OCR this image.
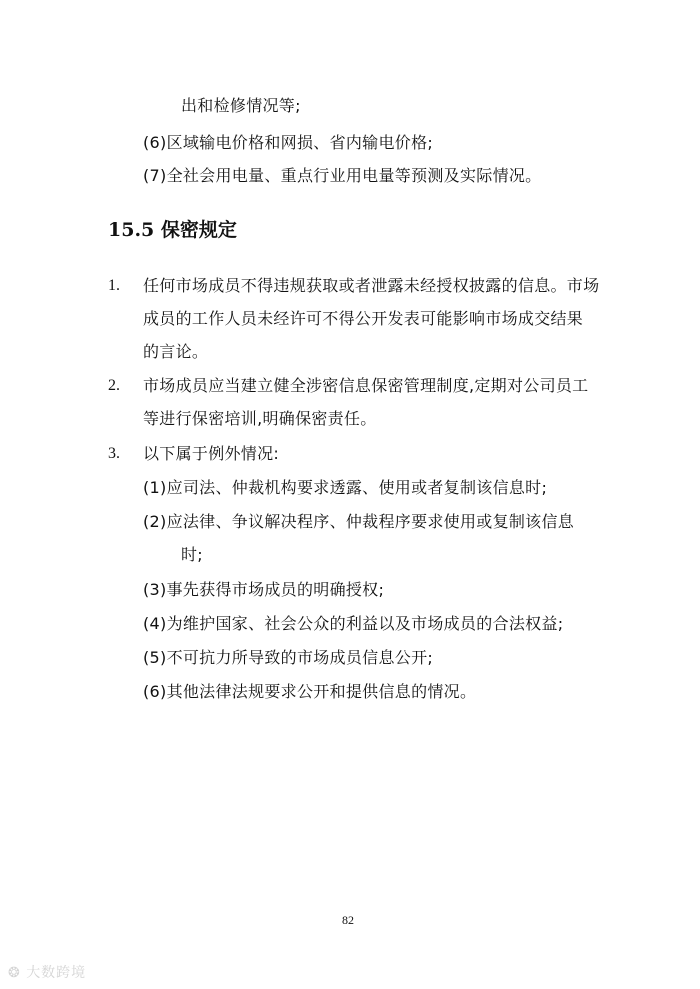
出和检修情况等;
(6)区域输电价格和网损、省内输电价格;
(7)全社会用电量、重点行业用电量等预测及实际情况。
15.5 保密规定
1. 任何市场成员不得违规获取或者泄露未经授权披露的信息。市场
成员的工作人员未经许可不得公开发表可能影响市场成交结果
的言论。
2. 市场成员应当建立健全涉密信息保密管理制度,定期对公司员工
等进行保密培训,明确保密责任。
3. 以下属于例外情况:
(1)应司法、仲裁机构要求透露、使用或者复制该信息时;
(2)应法律、争议解决程序、仲裁程序要求使用或复制该信息
时;
(3)事先获得市场成员的明确授权;
(4)为维护国家、社会公众的利益以及市场成员的合法权益;
(5)不可抗力所导致的市场成员信息公开;
(6)其他法律法规要求公开和提供信息的情况。
82
❂ 大数跨境
